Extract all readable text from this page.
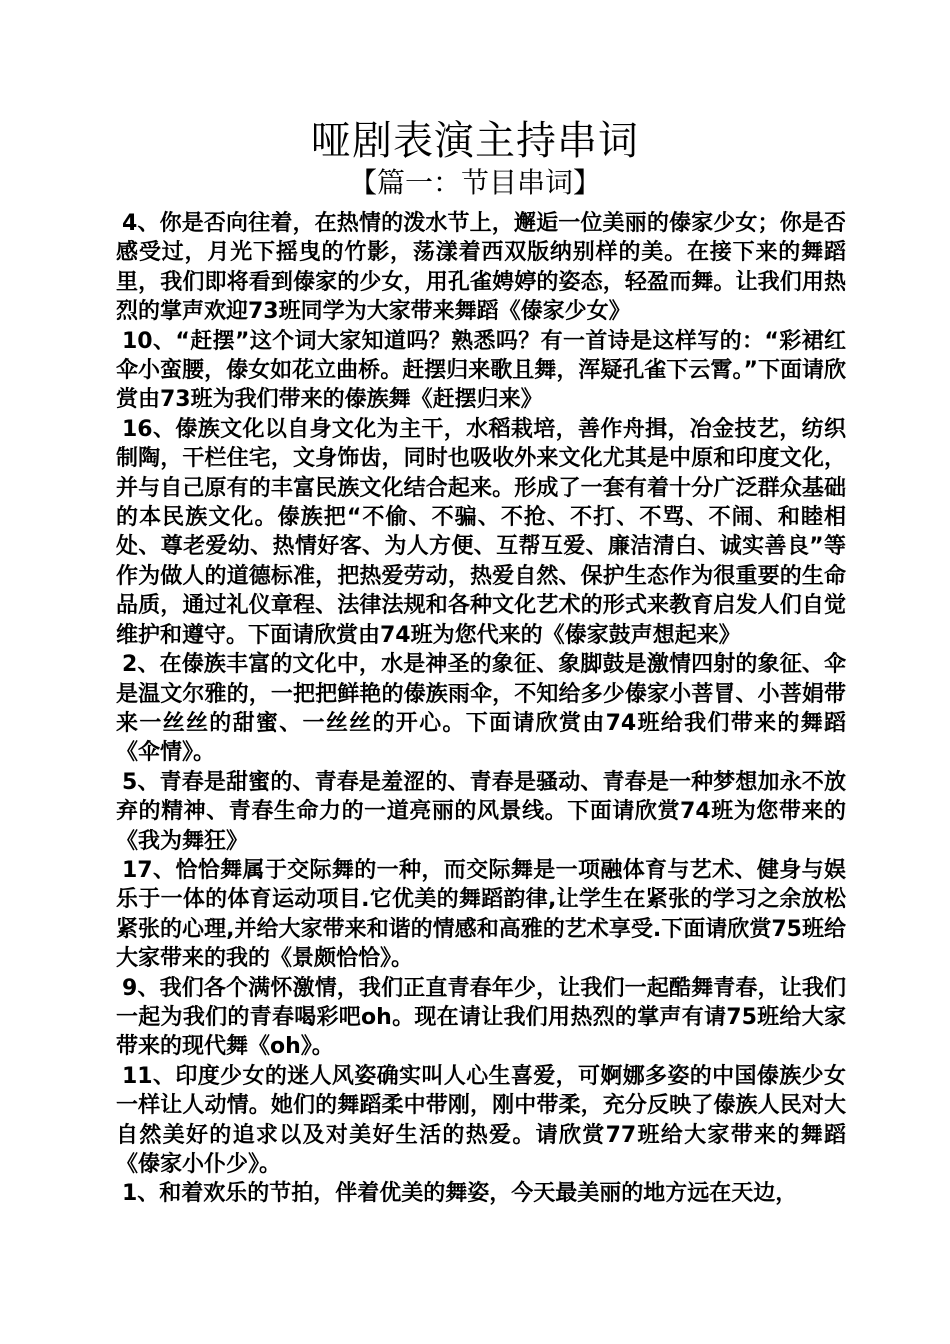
哑剧表演主持串词
【篇一：节目串词】

4、你是否向往着，在热情的泼水节上，邂逅一位美丽的傣家少女；你是否感受过，月光下摇曳的竹影，荡漾着西双版纳别样的美。在接下来的舞蹈里，我们即将看到傣家的少女，用孔雀娉婷的姿态，轻盈而舞。让我们用热烈的掌声欢迎73班同学为大家带来舞蹈《傣家少女》

10、“赶摆”这个词大家知道吗？熟悉吗？有一首诗是这样写的：“彩裙红伞小蛮腰，傣女如花立曲桥。赶摆归来歌且舞，浑疑孔雀下云霄。”下面请欣赏由73班为我们带来的傣族舞《赶摆归来》

16、傣族文化以自身文化为主干，水稻栽培，善作舟揖，冶金技艺，纺织制陶，干栏住宅，文身饰齿，同时也吸收外来文化尤其是中原和印度文化，并与自己原有的丰富民族文化结合起来。形成了一套有着十分广泛群众基础的本民族文化。傣族把“不偷、不骗、不抢、不打、不骂、不闹、和睦相处、尊老爱幼、热情好客、为人方便、互帮互爱、廉洁清白、诚实善良”等作为做人的道德标准，把热爱劳动，热爱自然、保护生态作为很重要的生命品质，通过礼仪章程、法律法规和各种文化艺术的形式来教育启发人们自觉维护和遵守。下面请欣赏由74班为您代来的《傣家鼓声想起来》

2、在傣族丰富的文化中，水是神圣的象征、象脚鼓是激情四射的象征、伞是温文尔雅的，一把把鲜艳的傣族雨伞，不知给多少傣家小菩冒、小菩娟带来一丝丝的甜蜜、一丝丝的开心。下面请欣赏由74班给我们带来的舞蹈《伞情》。

5、青春是甜蜜的、青春是羞涩的、青春是骚动、青春是一种梦想加永不放弃的精神、青春生命力的一道亮丽的风景线。下面请欣赏74班为您带来的《我为舞狂》

17、恰恰舞属于交际舞的一种，而交际舞是一项融体育与艺术、健身与娱乐于一体的体育运动项目.它优美的舞蹈韵律,让学生在紧张的学习之余放松紧张的心理,并给大家带来和谐的情感和高雅的艺术享受.下面请欣赏75班给大家带来的我的《景颇恰恰》。

9、我们各个满怀激情，我们正直青春年少，让我们一起酷舞青春，让我们一起为我们的青春喝彩吧oh。现在请让我们用热烈的掌声有请75班给大家带来的现代舞《oh》。

11、印度少女的迷人风姿确实叫人心生喜爱，可婀娜多姿的中国傣族少女一样让人动情。她们的舞蹈柔中带刚，刚中带柔，充分反映了傣族人民对大自然美好的追求以及对美好生活的热爱。请欣赏77班给大家带来的舞蹈《傣家小仆少》。

1、和着欢乐的节拍，伴着优美的舞姿，今天最美丽的地方远在天边，
